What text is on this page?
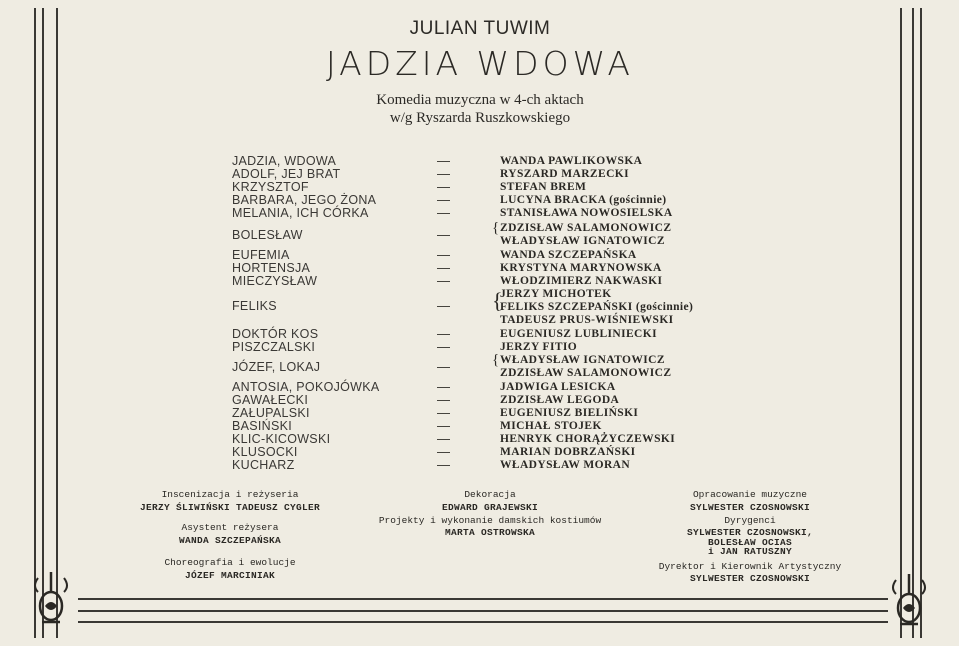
JULIAN TUWIM
JADZIA WDOWA
Komedia muzyczna w 4-ch aktach
w/g Ryszarda Ruszkowskiego
JADZIA, WDOWA	—	WANDA PAWLIKOWSKA
ADOLF, JEJ BRAT	—	RYSZARD MARZECKI
KRZYSZTOF	—	STEFAN BREM
BARBARA, JEGO ŻONA	—	LUCYNA BRACKA (gościnnie)
MELANIA, ICH CÓRKA	—	STANISŁAWA NOWOSIELSKA
BOLESŁAW	—	{ ZDZISŁAW SALAMONOWICZ
WŁADYSŁAW IGNATOWICZ
EUFEMIA	—	WANDA SZCZEPAŃSKA
HORTENSJA	—	KRYSTYNA MARYNOWSKA
MIECZYSŁAW	—	WŁODZIMIERZ NAKWASKI
FELIKS	— {
JERZY MICHOTEK
FELIKS SZCZEPAŃSKI (gościnnie)
TADEUSZ PRUS-WIŚNIEWSKI
DOKTÓR KOS	—	EUGENIUSZ LUBLINIECKI
PISZCZALSKI	—	JERZY FITIO
JÓZEF, LOKAJ	—	{ WŁADYSŁAW IGNATOWICZ
ZDZISŁAW SALAMONOWICZ
ANTOSIA, POKOJÓWKA	—	JADWIGA LESICKA
GAWAŁECKI	—	ZDZISŁAW LEGODA
ZAŁUPALSKI	—	EUGENIUSZ BIELIŃSKI
BASIŃSKI	—	MICHAŁ STOJEK
KLIC-KICOWSKI	—	HENRYK CHORĄŻYCZEWSKI
KLUSOCKI	—	MARIAN DOBRZAŃSKI
KUCHARZ	—	WŁADYSŁAW MORAN
Inscenizacja i reżyseria
JERZY ŚLIWIŃSKI TADEUSZ CYGLER
Asystent reżysera
WANDA SZCZEPAŃSKA
Choreografia i ewolucje
JÓZEF MARCINIAK
Dekoracja
EDWARD GRAJEWSKI
Projekty i wykonanie damskich kostiumów
MARTA OSTROWSKA
Opracowanie muzyczne
SYLWESTER CZOSNOWSKI
Dyrygenci
SYLWESTER CZOSNOWSKI,
BOLESŁAW OCIAS
i JAN RATUSZNY
Dyrektor i Kierownik Artystyczny
SYLWESTER CZOSNOWSKI
